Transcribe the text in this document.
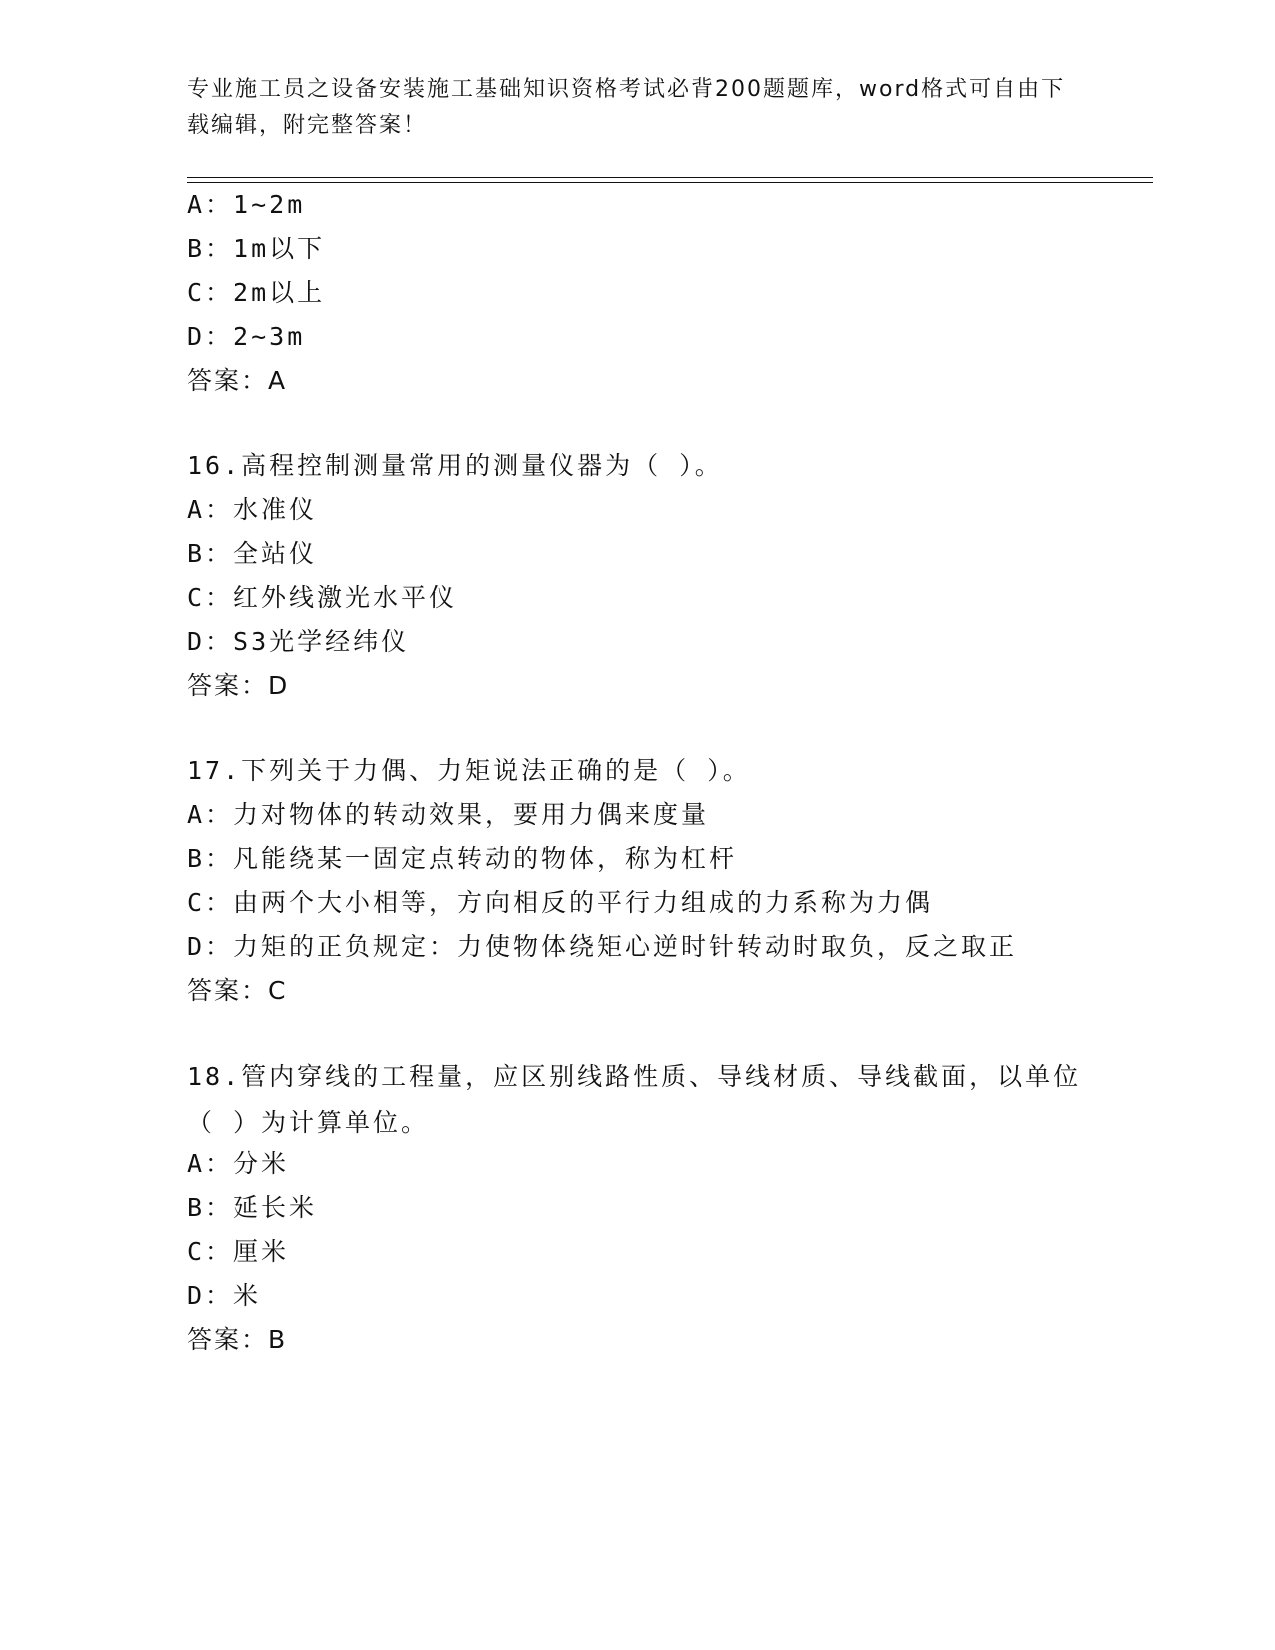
专业施工员之设备安装施工基础知识资格考试必背200题题库，word格式可自由下载编辑，附完整答案！
A：1~2m
B：1m以下
C：2m以上
D：2~3m
答案：A
16.高程控制测量常用的测量仪器为（ ）。
A：水准仪
B：全站仪
C：红外线激光水平仪
D：S3光学经纬仪
答案：D
17.下列关于力偶、力矩说法正确的是（ ）。
A：力对物体的转动效果，要用力偶来度量
B：凡能绕某一固定点转动的物体，称为杠杆
C：由两个大小相等，方向相反的平行力组成的力系称为力偶
D：力矩的正负规定：力使物体绕矩心逆时针转动时取负，反之取正
答案：C
18.管内穿线的工程量，应区别线路性质、导线材质、导线截面，以单位（ ）为计算单位。
A：分米
B：延长米
C：厘米
D：米
答案：B
